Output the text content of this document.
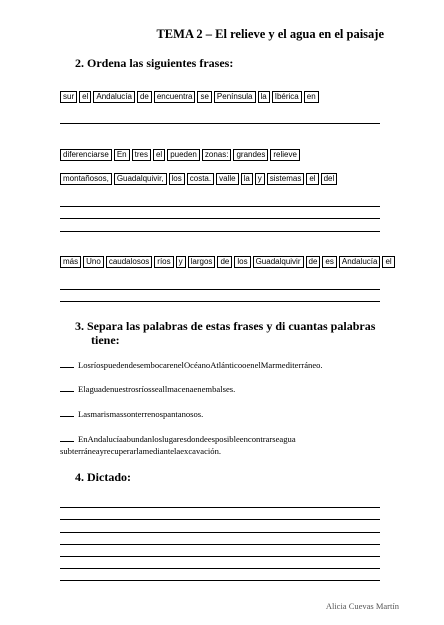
TEMA 2 – El relieve y el agua en el paisaje
2. Ordena las siguientes frases:
sur	el	Andalucía	de	encuentra	se	Península	la	Ibérica	en
diferenciarse	En	tres	el	pueden	zonas:	grandes	relieve
montañosos,	Guadalquivir,	los	costa.	valle	la	y	sistemas	el	del
más	Uno	caudalosos	ríos	y	largos	de	los	Guadalquivir	de	es	Andalucía	el
3. Separa las palabras de estas frases y di cuantas palabras
tiene:
LosríospuedendesembocarenelOcéanoAtlánticooenelMarmediterráneo.
Elaguadenuestrosríosseallmacenaenembalses.
Lasmarismassonterrenospantanosos.
EnAndalucíaabundanloslugaresdondeesposibleencontrarseagua
subterráneayrecuperarlamediantelaexcavación.
4. Dictado:
Alicia Cuevas Martín
